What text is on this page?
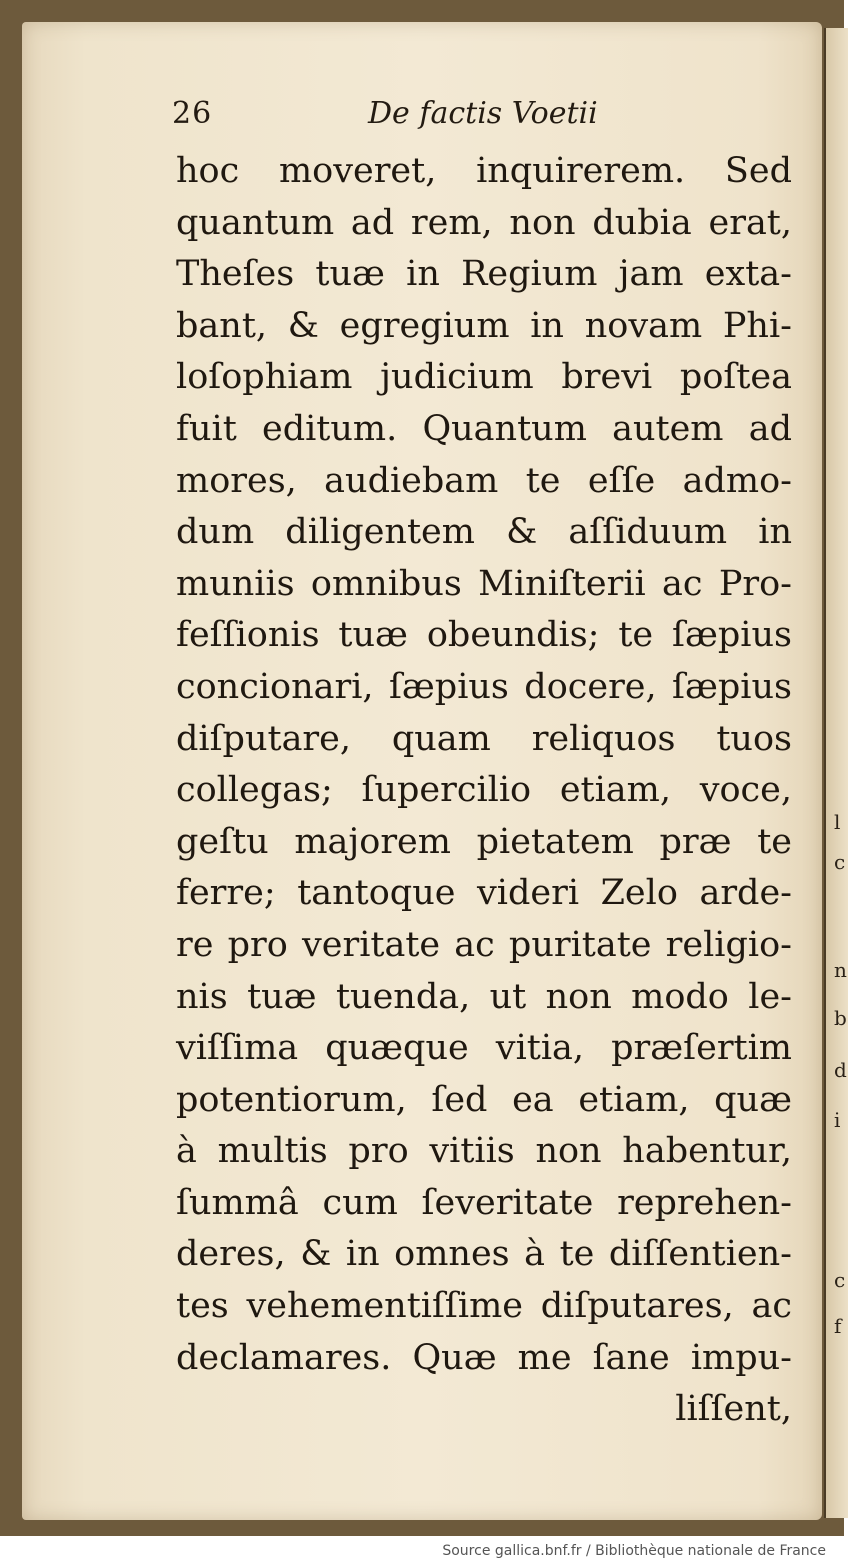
l
c
n
b
d
i
c
f
26	De factis Voetii
hoc moveret, inquirerem. Sed
quantum ad rem, non dubia erat,
Theſes tuæ in Regium jam exta-
bant, & egregium in novam Phi-
loſophiam judicium brevi poſtea
fuit editum. Quantum autem ad
mores, audiebam te eſſe admo-
dum diligentem & aſſiduum in
muniis omnibus Miniſterii ac Pro-
feſſionis tuæ obeundis; te ſæpius
concionari, ſæpius docere, ſæpius
diſputare, quam reliquos tuos
collegas; ſupercilio etiam, voce,
geſtu majorem pietatem præ te
ferre; tantoque videri Zelo arde-
re pro veritate ac puritate religio-
nis tuæ tuenda, ut non modo le-
viſſima quæque vitia, præſertim
potentiorum, ſed ea etiam, quæ
à multis pro vitiis non habentur,
ſummâ cum ſeveritate reprehen-
deres, & in omnes à te diſſentien-
tes vehementiſſime diſputares, ac
declamares. Quæ me ſane impu-
liſſent,
Source gallica.bnf.fr / Bibliothèque nationale de France
